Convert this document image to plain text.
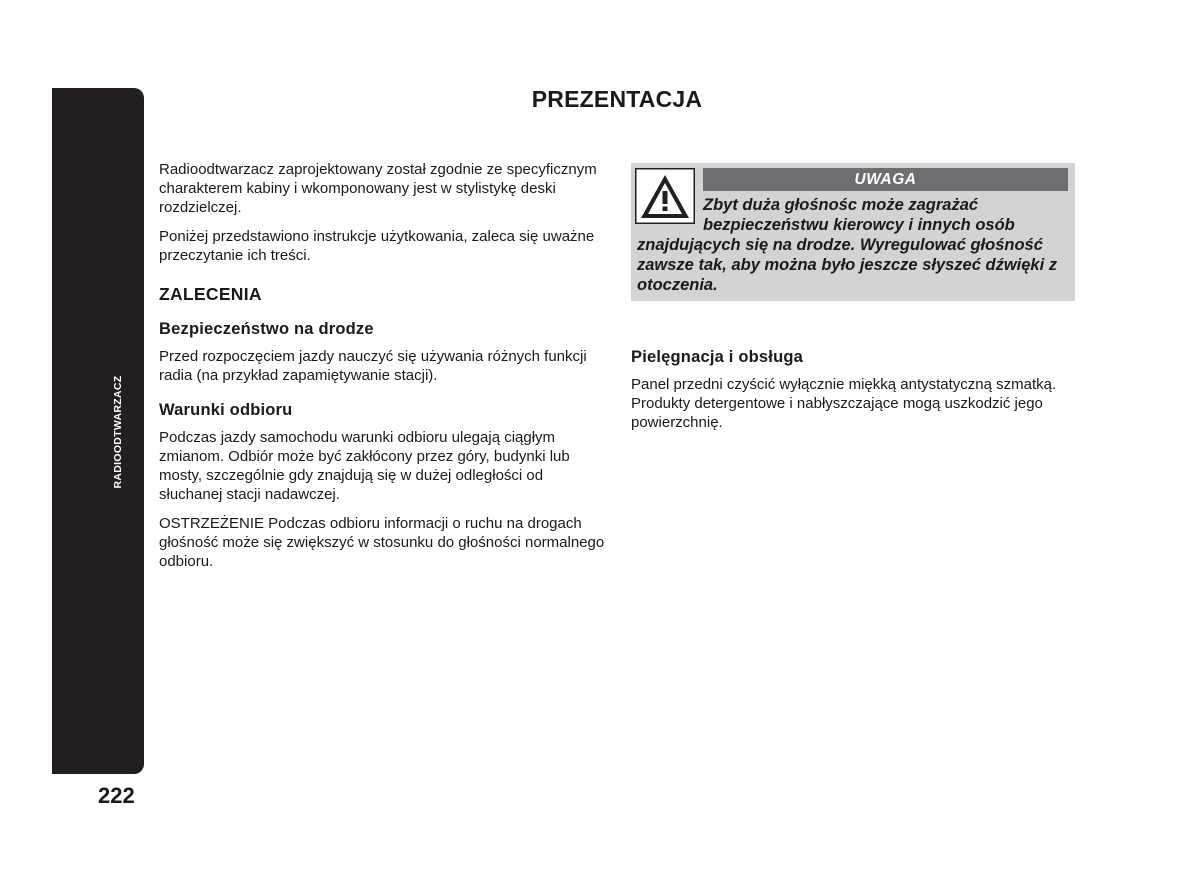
RADIOODTWARZACZ
222
PREZENTACJA

Radioodtwarzacz zaprojektowany został zgodnie ze specyficznym charakterem kabiny i wkomponowany jest w stylistykę deski rozdzielczej.

Poniżej przedstawiono instrukcje użytkowania, zaleca się uważne przeczytanie ich treści.

ZALECENIA
Bezpieczeństwo na drodze

Przed rozpoczęciem jazdy nauczyć się używania różnych funkcji radia (na przykład zapamiętywanie stacji).

Warunki odbioru

Podczas jazdy samochodu warunki odbioru ulegają ciągłym zmianom. Odbiór może być zakłócony przez góry, budynki lub mosty, szczególnie gdy znajdują się w dużej odległości od słuchanej stacji nadawczej.

OSTRZEŻENIE Podczas odbioru informacji o ruchu na drogach głośność może się zwiększyć w stosunku do głośności normalnego odbioru.

UWAGA
Zbyt duża głośnośc może zagrażać bezpieczeństwu kierowcy i innych osób
znajdujących się na drodze. Wyregulować głośność zawsze tak, aby można było jeszcze słyszeć dźwięki z otoczenia.
Pielęgnacja i obsługa

Panel przedni czyścić wyłącznie miękką antystatyczną szmatką. Produkty detergentowe i nabłyszczające mogą uszkodzić jego powierzchnię.
